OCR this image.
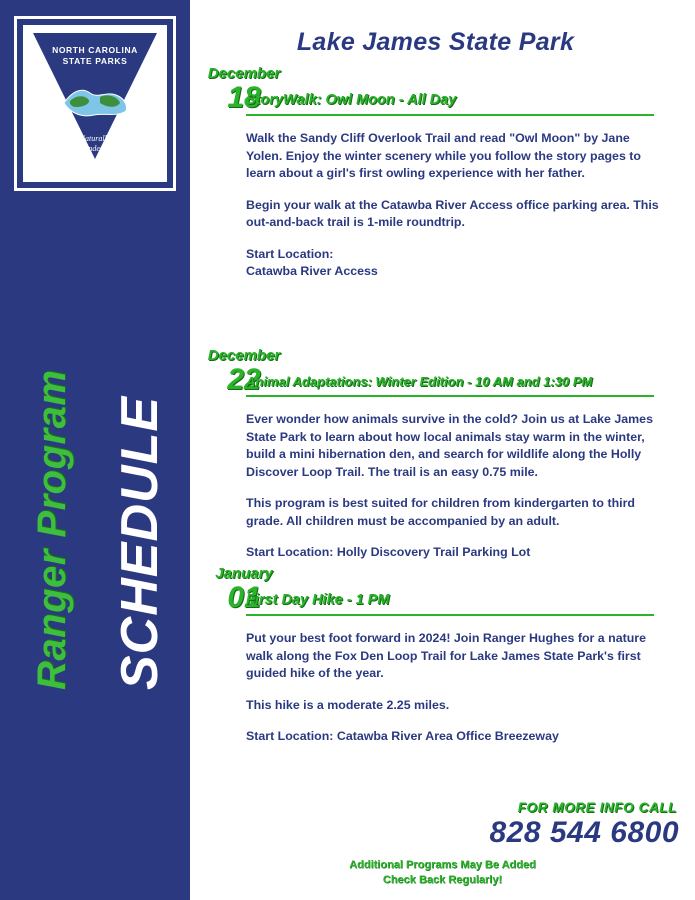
NORTH CAROLINA
STATE PARKS
Naturally
Wonderful
Ranger Program SCHEDULE
Lake James State Park
December
18
StoryWalk: Owl Moon - All Day
Walk the Sandy Cliff Overlook Trail and read "Owl Moon" by Jane Yolen. Enjoy the winter scenery while you follow the story pages to learn about a girl's first owling experience with her father.
Begin your walk at the Catawba River Access office parking area. This out-and-back trail is 1-mile roundtrip.
Start Location:
Catawba River Access
December
22
Animal Adaptations: Winter Edition - 10 AM and 1:30 PM
Ever wonder how animals survive in the cold? Join us at Lake James State Park to learn about how local animals stay warm in the winter, build a mini hibernation den, and search for wildlife along the Holly Discover Loop Trail. The trail is an easy 0.75 mile.
This program is best suited for children from kindergarten to third grade. All children must be accompanied by an adult.
Start Location: Holly Discovery Trail Parking Lot
January
01
First Day Hike - 1 PM
Put your best foot forward in 2024! Join Ranger Hughes for a nature walk along the Fox Den Loop Trail for Lake James State Park's first guided hike of the year.
This hike is a moderate 2.25 miles.
Start Location: Catawba River Area Office Breezeway
FOR MORE INFO CALL
828 544 6800
Additional Programs May Be Added
Check Back Regularly!
